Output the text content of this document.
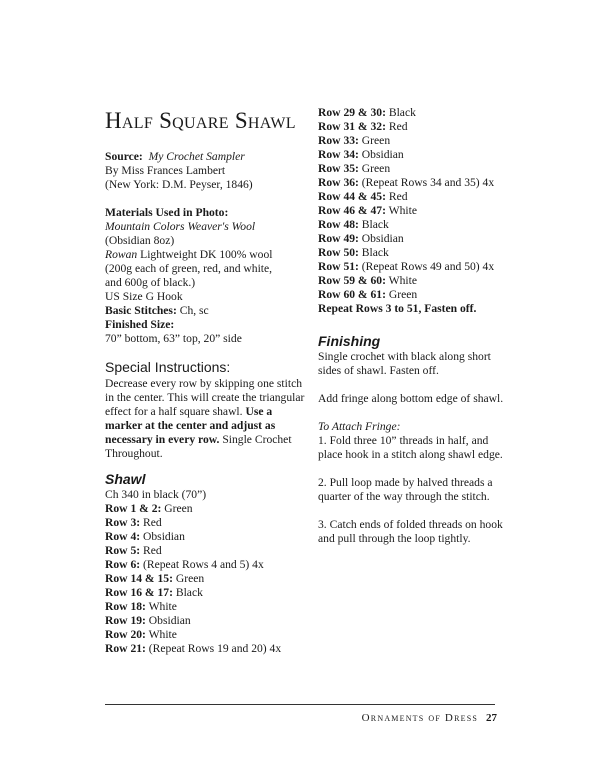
Half Square Shawl
Source: My Crochet Sampler
By Miss Frances Lambert
(New York: D.M. Peyser, 1846)
Materials Used in Photo:
Mountain Colors Weaver's Wool
(Obsidian 8oz)
Rowan Lightweight DK 100% wool
(200g each of green, red, and white,
and 600g of black.)
US Size G Hook
Basic Stitches: Ch, sc
Finished Size:
70” bottom, 63” top, 20” side
Special Instructions:
Decrease every row by skipping one stitch in the center. This will create the triangular effect for a half square shawl. Use a marker at the center and adjust as necessary in every row. Single Crochet Throughout.
Shawl
Ch 340 in black (70”)
Row 1 & 2: Green
Row 3: Red
Row 4: Obsidian
Row 5: Red
Row 6: (Repeat Rows 4 and 5) 4x
Row 14 & 15: Green
Row 16 & 17: Black
Row 18: White
Row 19: Obsidian
Row 20: White
Row 21: (Repeat Rows 19 and 20) 4x
Row 29 & 30: Black
Row 31 & 32: Red
Row 33: Green
Row 34: Obsidian
Row 35: Green
Row 36: (Repeat Rows 34 and 35) 4x
Row 44 & 45: Red
Row 46 & 47: White
Row 48: Black
Row 49: Obsidian
Row 50: Black
Row 51: (Repeat Rows 49 and 50) 4x
Row 59 & 60: White
Row 60 & 61: Green
Repeat Rows 3 to 51, Fasten off.
Finishing
Single crochet with black along short sides of shawl. Fasten off.
Add fringe along bottom edge of shawl.
To Attach Fringe:
1. Fold three 10” threads in half, and place hook in a stitch along shawl edge.
2. Pull loop made by halved threads a quarter of the way through the stitch.
3. Catch ends of folded threads on hook and pull through the loop tightly.
Ornaments of Dress 27
